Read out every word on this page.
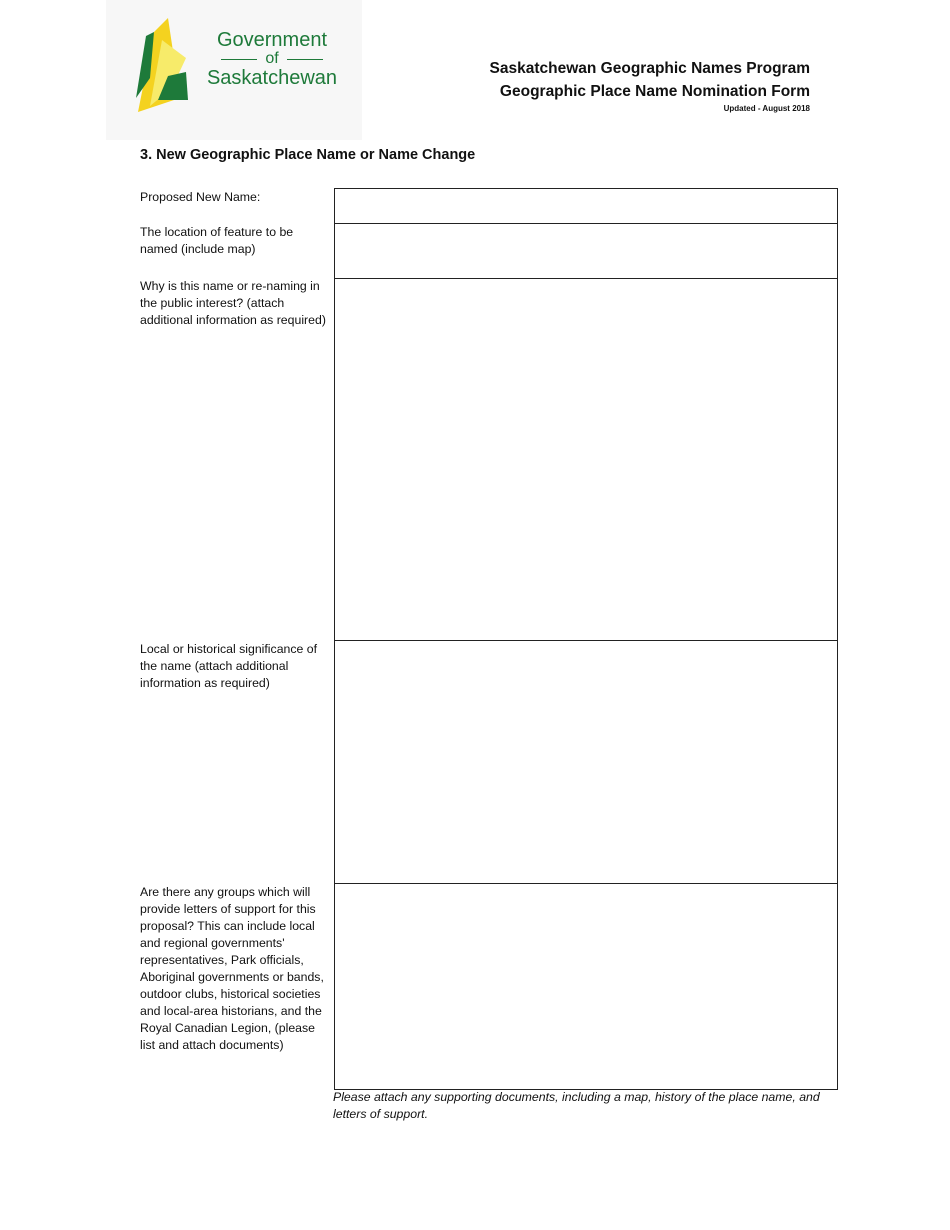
Government
of
Saskatchewan	Saskatchewan Geographic Names Program
Geographic Place Name Nomination Form
Updated - August 2018
3. New Geographic Place Name or Name Change
Proposed New Name:
The location of feature to be named (include map)
Why is this name or re-naming in the public interest? (attach additional information as required)
Local or historical significance of the name (attach additional information as required)
Are there any groups which will provide letters of support for this proposal? This can include local and regional governments' representatives, Park officials, Aboriginal governments or bands, outdoor clubs, historical societies and local-area historians, and the Royal Canadian Legion, (please list and attach documents)
Please attach any supporting documents, including a map, history of the place name, and letters of support.
